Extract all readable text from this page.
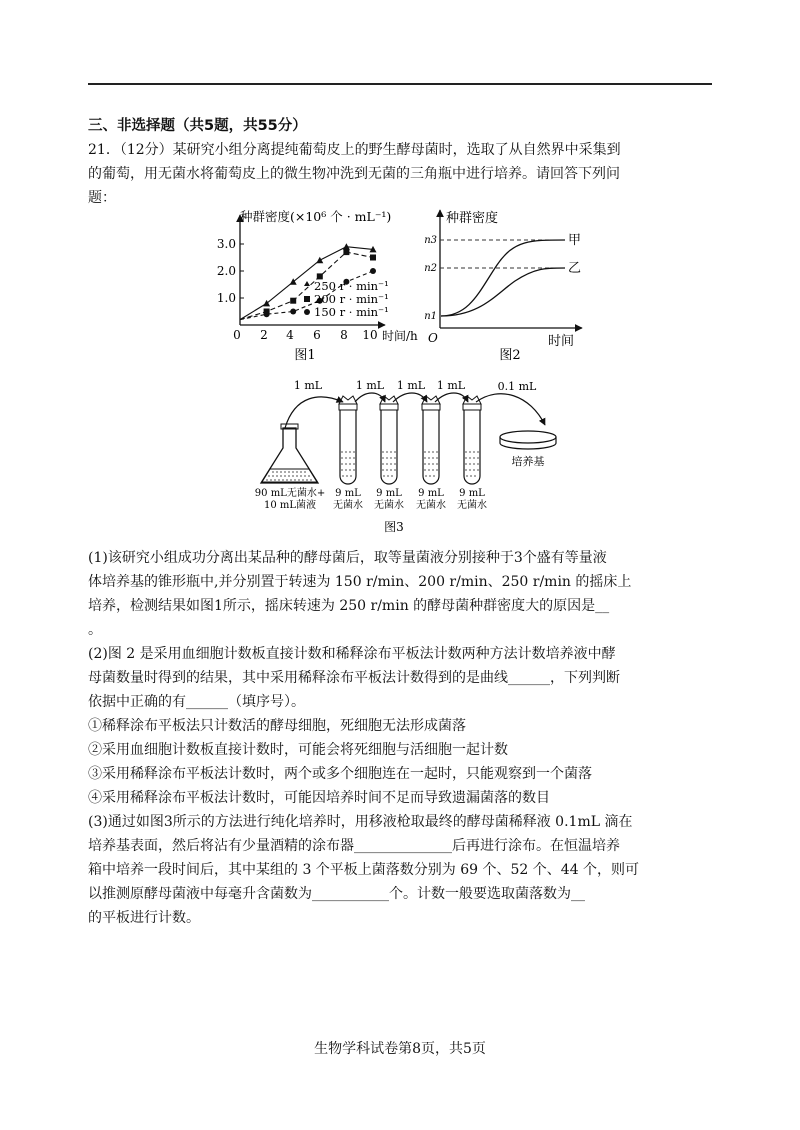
三、非选择题（共5题，共55分）
21．（12分）某研究小组分离提纯葡萄皮上的野生酵母菌时，选取了从自然界中采集到
的葡萄，用无菌水将葡萄皮上的微生物冲洗到无菌的三角瓶中进行培养。请回答下列问
题：
种群密度(×10⁶ 个 · mL⁻¹)
时间/h
3.0
2.0
1.0
0 2 4 6 8 10
250 r · min⁻¹
200 r · min⁻¹
150 r · min⁻¹
图1
种群密度
时间
O
n3
n2
n1
甲
乙
图2
1 mL	1 mL 1 mL 1 mL	0.1 mL
90 mL无菌水+
10 mL菌液
9 mL
无菌水
9 mL
无菌水
9 mL
无菌水
9 mL
无菌水
培养基
图3
(1)该研究小组成功分离出某品种的酵母菌后，取等量菌液分别接种于3个盛有等量液
体培养基的锥形瓶中,并分别置于转速为 150 r/min、200 r/min、250 r/min 的摇床上
培养，检测结果如图1所示，摇床转速为 250 r/min 的酵母菌种群密度大的原因是__
。
(2)图 2 是采用血细胞计数板直接计数和稀释涂布平板法计数两种方法计数培养液中酵
母菌数量时得到的结果，其中采用稀释涂布平板法计数得到的是曲线______，下列判断
依据中正确的有______（填序号）。
①稀释涂布平板法只计数活的酵母细胞，死细胞无法形成菌落
②采用血细胞计数板直接计数时，可能会将死细胞与活细胞一起计数
③采用稀释涂布平板法计数时，两个或多个细胞连在一起时，只能观察到一个菌落
④采用稀释涂布平板法计数时，可能因培养时间不足而导致遗漏菌落的数目
(3)通过如图3所示的方法进行纯化培养时，用移液枪取最终的酵母菌稀释液 0.1mL 滴在
培养基表面，然后将沾有少量酒精的涂布器______________后再进行涂布。在恒温培养
箱中培养一段时间后，其中某组的 3 个平板上菌落数分别为 69 个、52 个、44 个，则可
以推测原酵母菌液中每毫升含菌数为___________个。计数一般要选取菌落数为__
的平板进行计数。
生物学科试卷第8页，共5页
